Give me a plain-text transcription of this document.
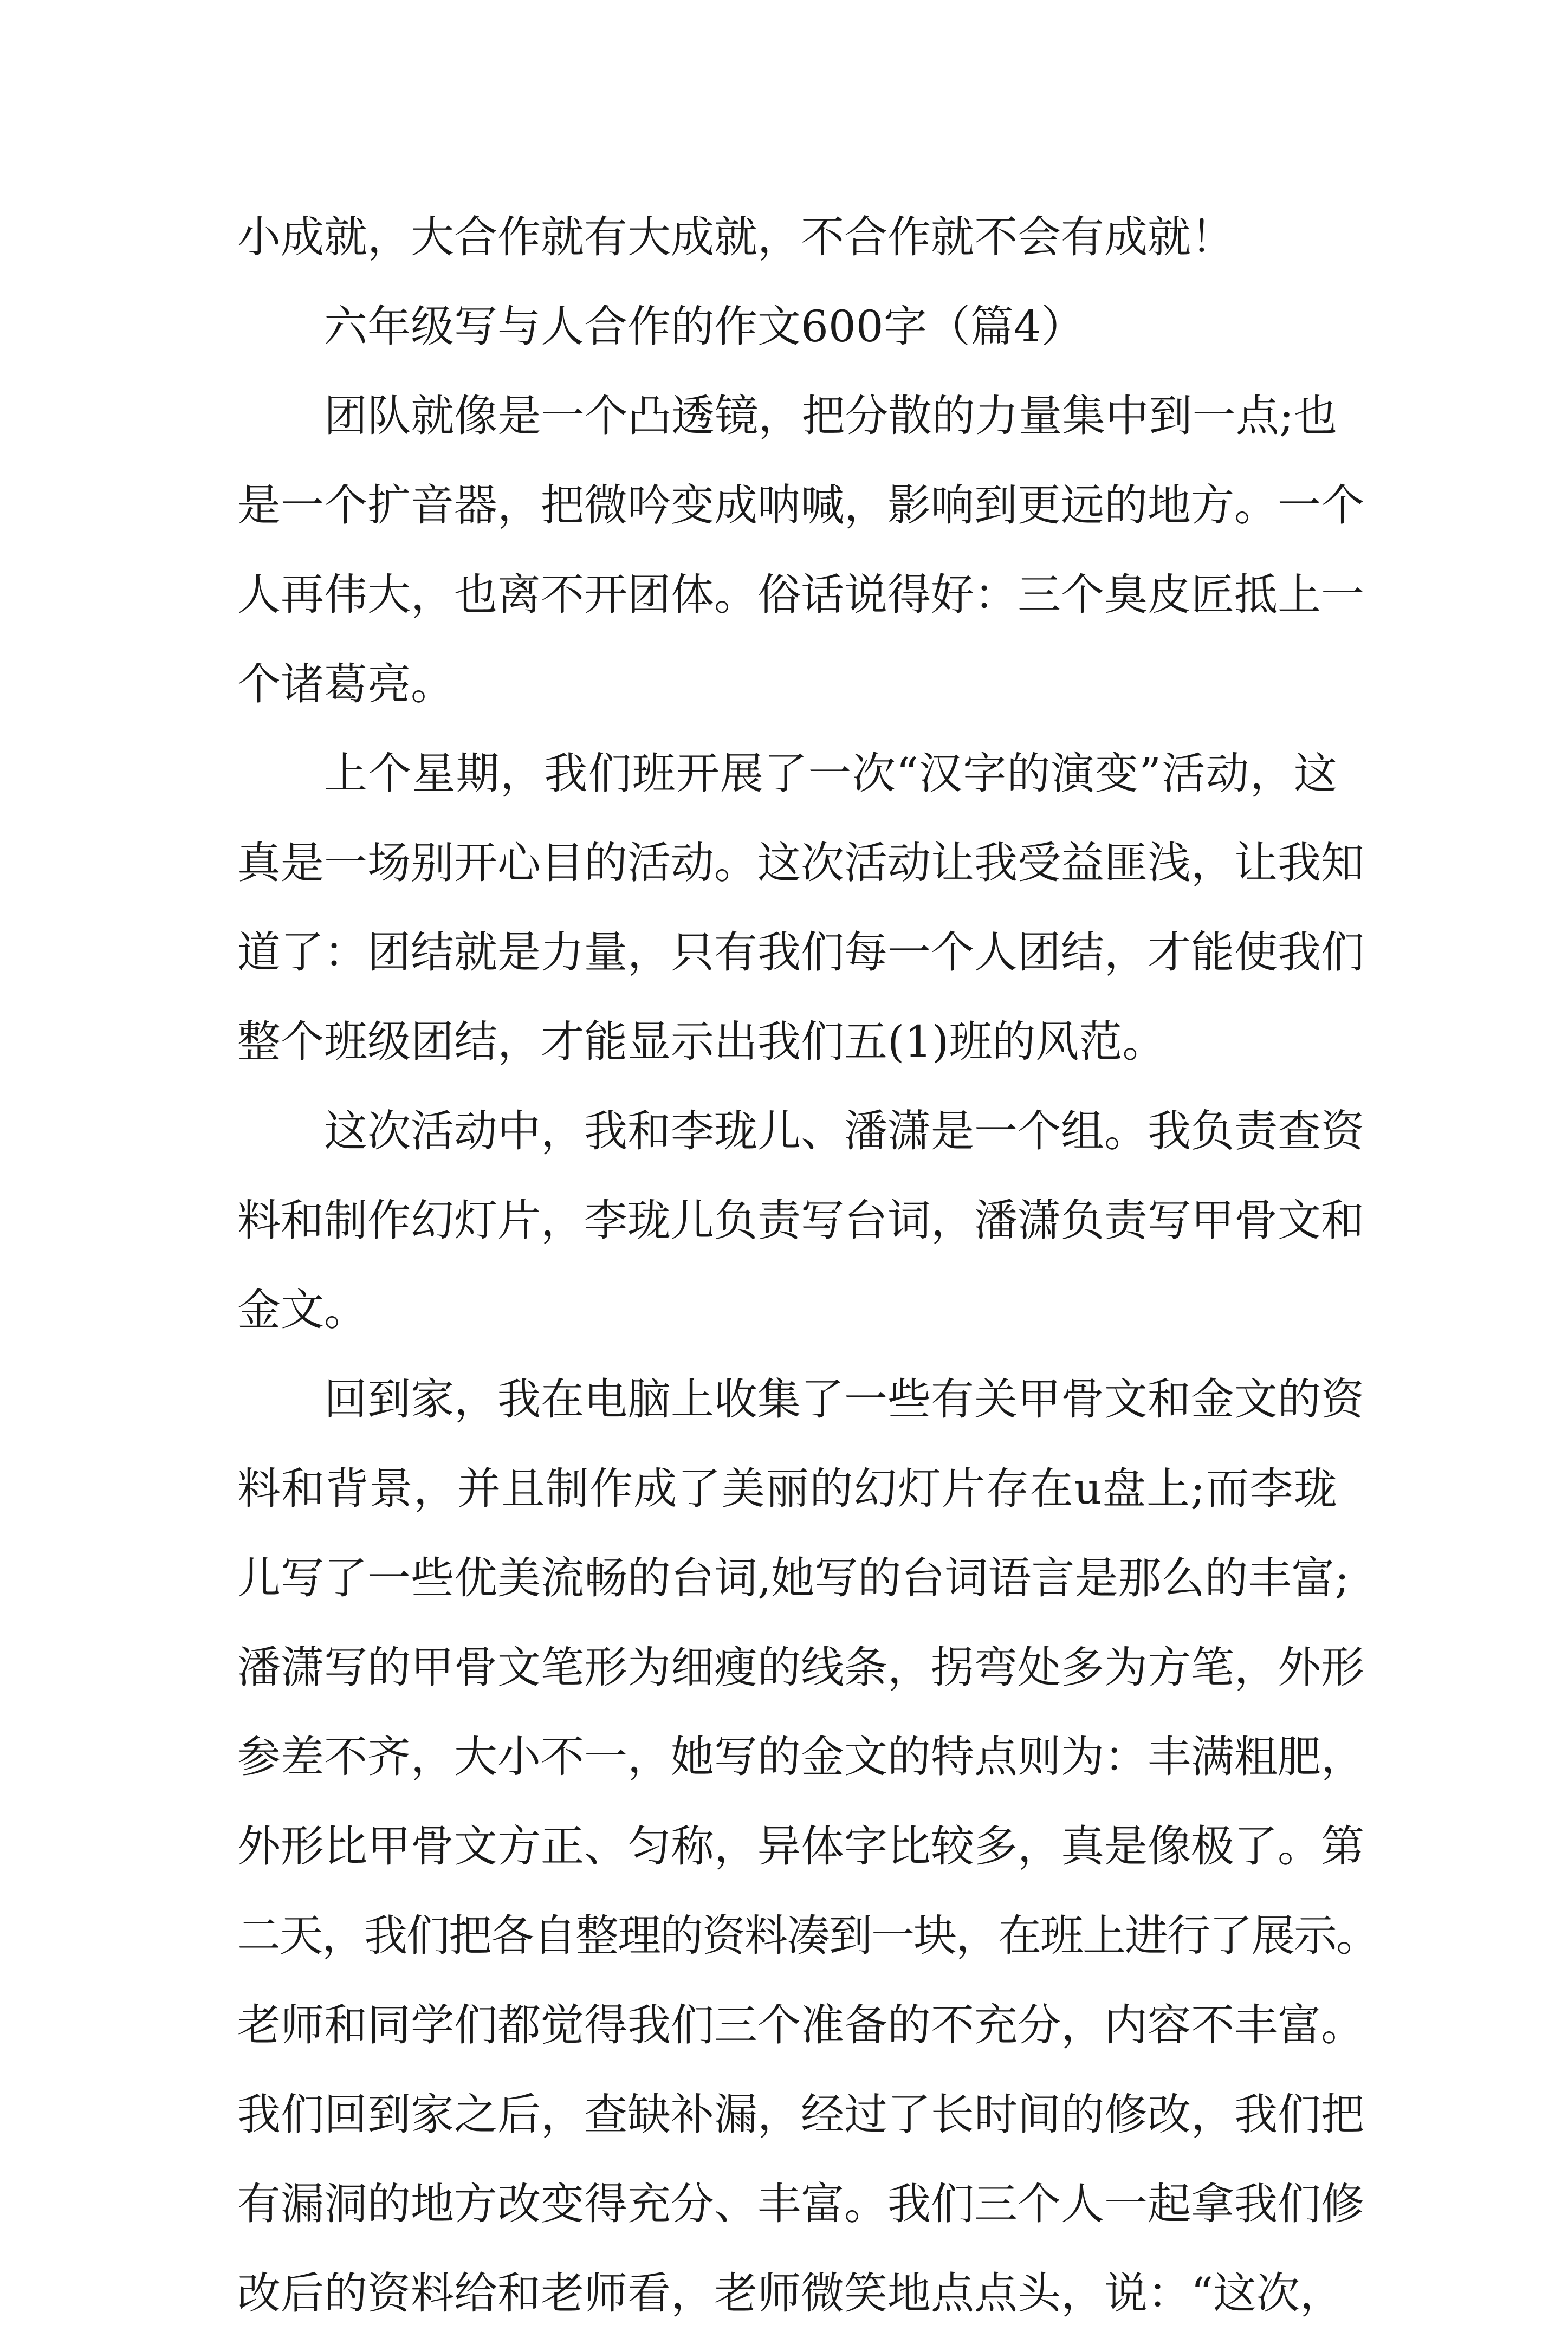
小成就，大合作就有大成就，不合作就不会有成就！
六年级写与人合作的作文600字（篇4）
团队就像是一个凸透镜，把分散的力量集中到一点;也
是一个扩音器，把微吟变成呐喊，影响到更远的地方。一个
人再伟大，也离不开团体。俗话说得好：三个臭皮匠抵上一
个诸葛亮。
上个星期，我们班开展了一次“汉字的演变”活动，这
真是一场别开心目的活动。这次活动让我受益匪浅，让我知
道了：团结就是力量，只有我们每一个人团结，才能使我们
整个班级团结，才能显示出我们五(1)班的风范。
这次活动中，我和李珑儿、潘潇是一个组。我负责查资
料和制作幻灯片，李珑儿负责写台词，潘潇负责写甲骨文和
金文。
回到家，我在电脑上收集了一些有关甲骨文和金文的资
料和背景，并且制作成了美丽的幻灯片存在u盘上;而李珑
儿写了一些优美流畅的台词,她写的台词语言是那么的丰富;
潘潇写的甲骨文笔形为细瘦的线条，拐弯处多为方笔，外形
参差不齐，大小不一，她写的金文的特点则为：丰满粗肥，
外形比甲骨文方正、匀称，异体字比较多，真是像极了。第
二天，我们把各自整理的资料凑到一块，在班上进行了展示。
老师和同学们都觉得我们三个准备的不充分，内容不丰富。
我们回到家之后，查缺补漏，经过了长时间的修改，我们把
有漏洞的地方改变得充分、丰富。我们三个人一起拿我们修
改后的资料给和老师看，老师微笑地点点头，说：“这次，
